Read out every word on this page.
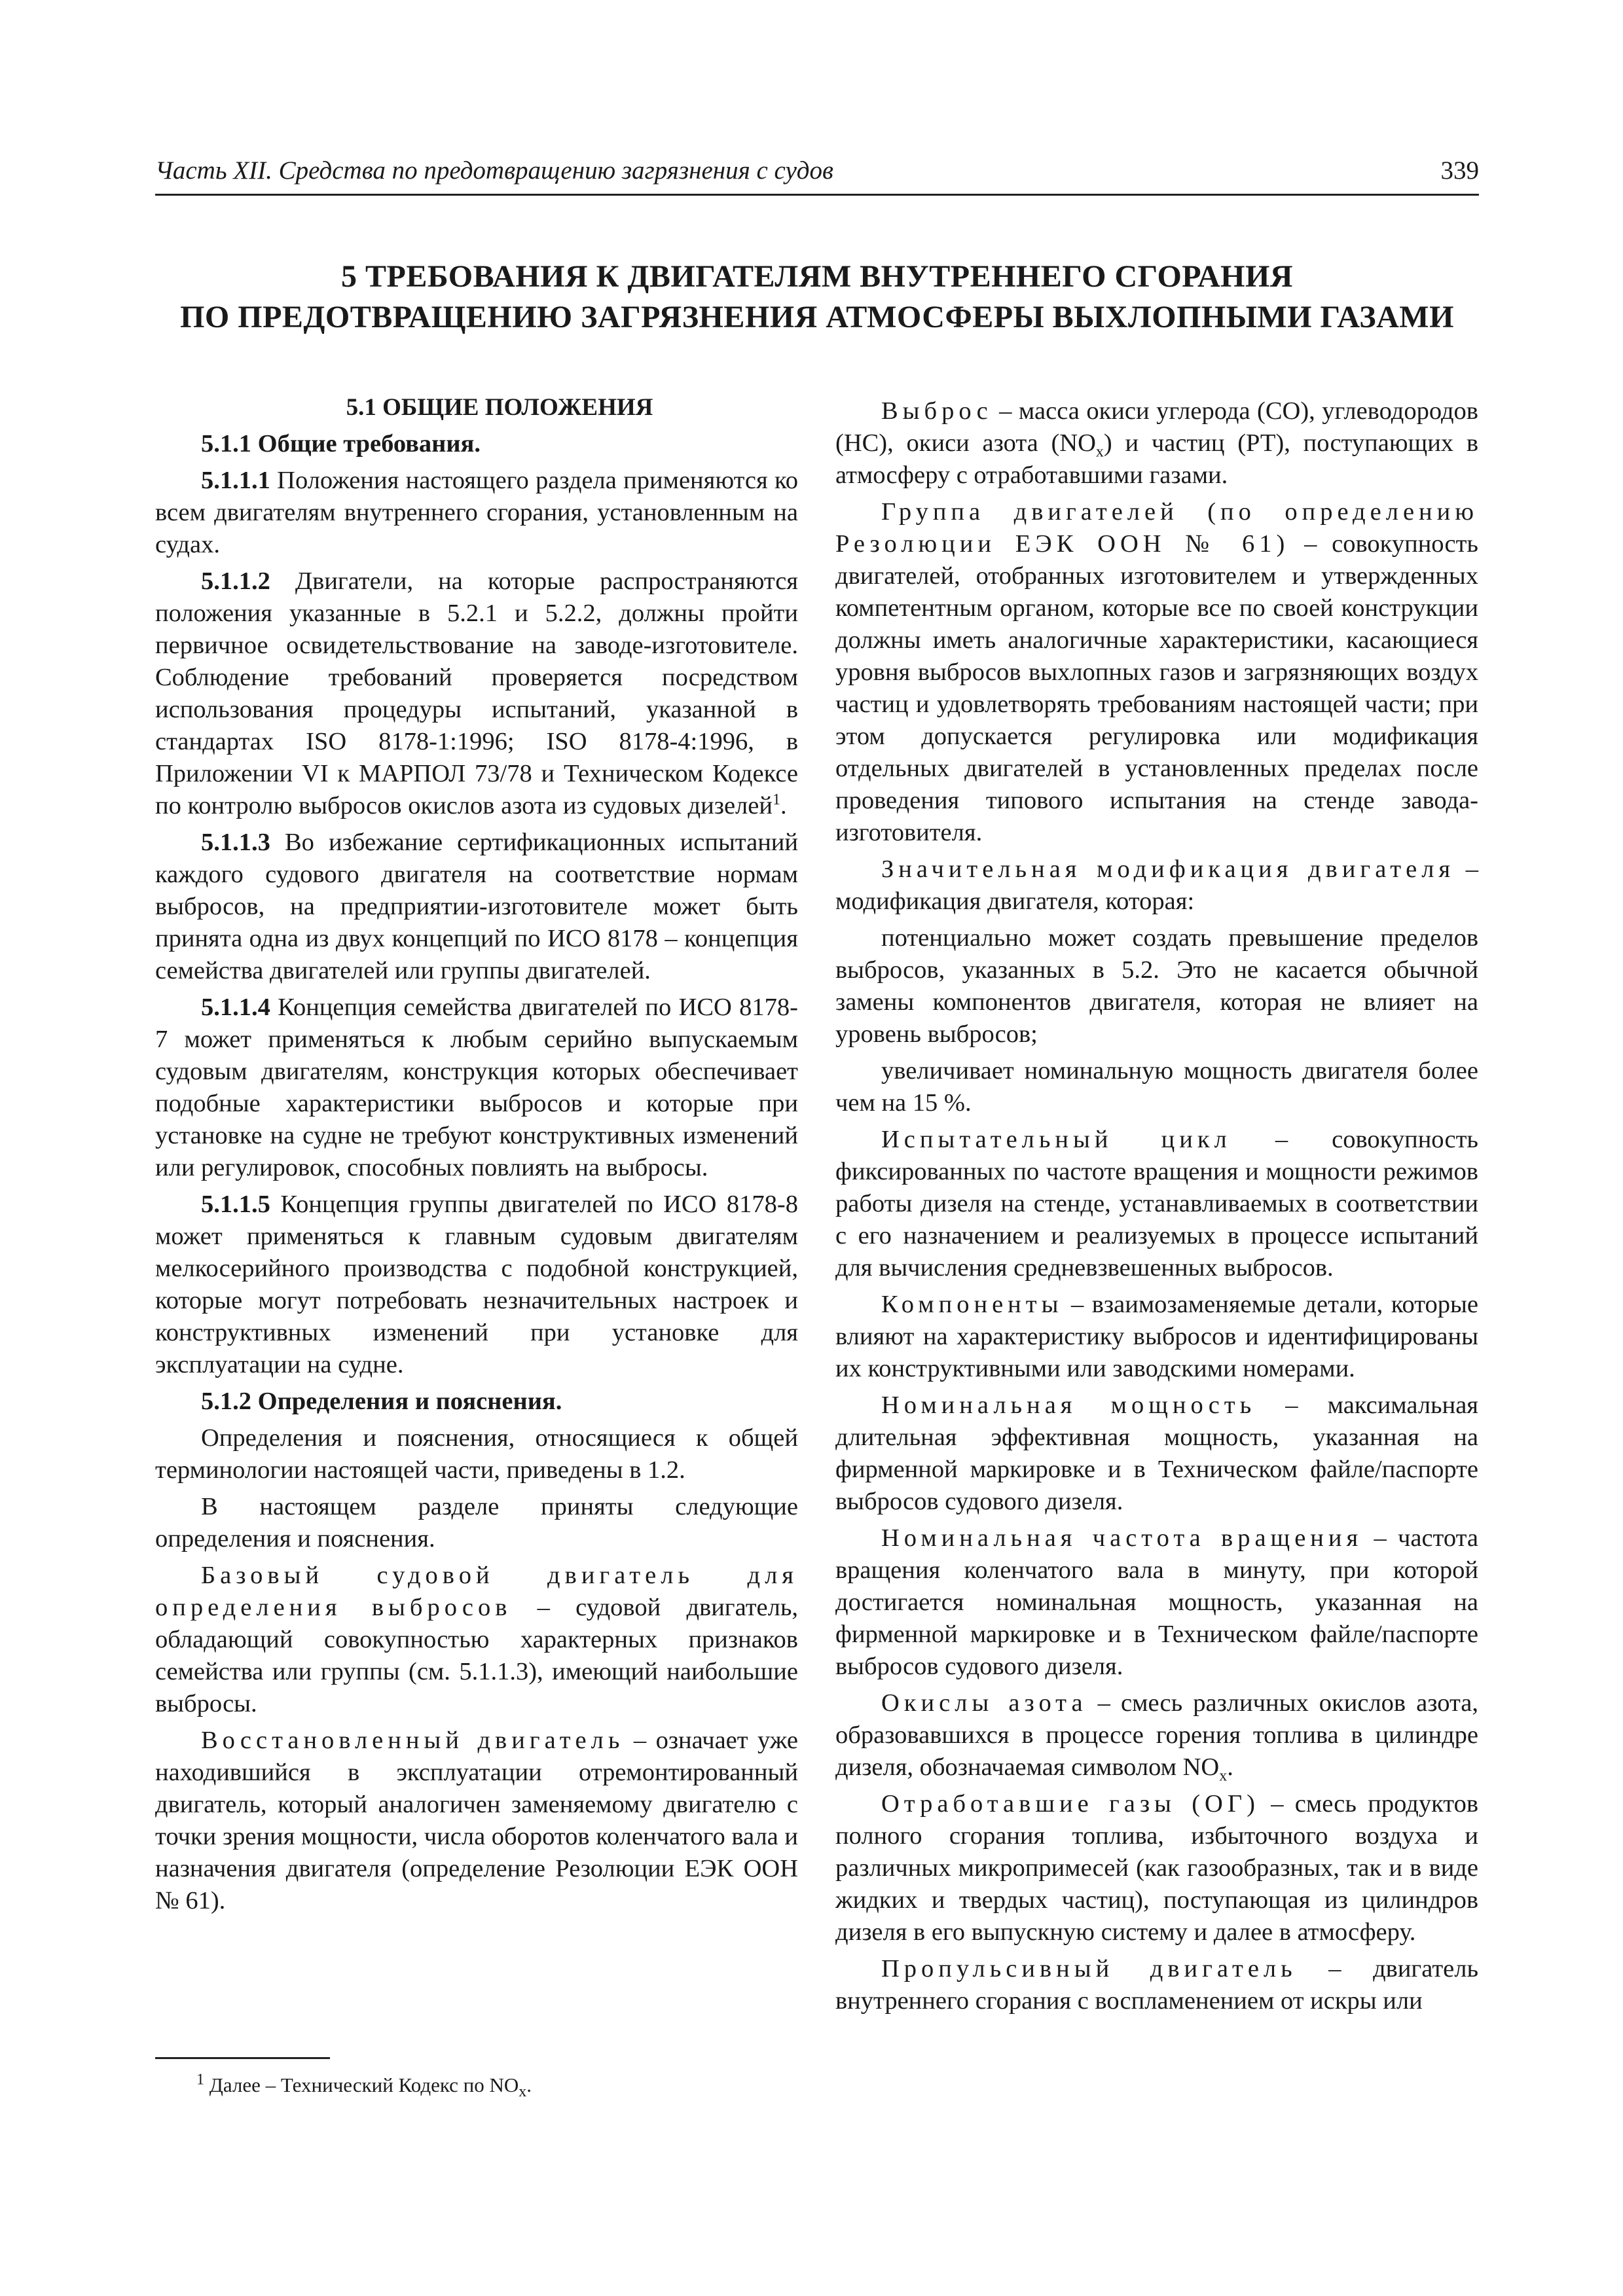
Часть XII. Средства по предотвращению загрязнения с судов	339
5 ТРЕБОВАНИЯ К ДВИГАТЕЛЯМ ВНУТРЕННЕГО СГОРАНИЯ
ПО ПРЕДОТВРАЩЕНИЮ ЗАГРЯЗНЕНИЯ АТМОСФЕРЫ ВЫХЛОПНЫМИ ГАЗАМИ

5.1 ОБЩИЕ ПОЛОЖЕНИЯ

5.1.1 Общие требования.

5.1.1.1 Положения настоящего раздела применяются ко всем двигателям внутреннего сгорания, установленным на судах.

5.1.1.2 Двигатели, на которые распространяются положения указанные в 5.2.1 и 5.2.2, должны пройти первичное освидетельствование на заводе-изготовителе. Соблюдение требований проверяется посредством использования процедуры испытаний, указанной в стандартах ISO 8178-1:1996; ISO 8178-4:1996, в Приложении VI к МАРПОЛ 73/78 и Техническом Кодексе по контролю выбросов окислов азота из судовых дизелей$^1$.

5.1.1.3 Во избежание сертификационных испытаний каждого судового двигателя на соответствие нормам выбросов, на предприятии-изготовителе может быть принята одна из двух концепций по ИСО 8178 – концепция семейства двигателей или группы двигателей.

5.1.1.4 Концепция семейства двигателей по ИСО 8178-7 может применяться к любым серийно выпускаемым судовым двигателям, конструкция которых обеспечивает подобные характеристики выбросов и которые при установке на судне не требуют конструктивных изменений или регулировок, способных повлиять на выбросы.

5.1.1.5 Концепция группы двигателей по ИСО 8178-8 может применяться к главным судовым двигателям мелкосерийного производства с подобной конструкцией, которые могут потребовать незначительных настроек и конструктивных изменений при установке для эксплуатации на судне.

5.1.2 Определения и пояснения.

Определения и пояснения, относящиеся к общей терминологии настоящей части, приведены в 1.2.

В настоящем разделе приняты следующие определения и пояснения.

Базовый судовой двигатель для определения выбросов – судовой двигатель, обладающий совокупностью характерных признаков семейства или группы (см. 5.1.1.3), имеющий наибольшие выбросы.

Восстановленный двигатель – означает уже находившийся в эксплуатации отремонтированный двигатель, который аналогичен заменяемому двигателю с точки зрения мощности, числа оборотов коленчатого вала и назначения двигателя (определение Резолюции ЕЭК ООН № 61).

$^1$ Далее – Технический Кодекс по $NO_x$.

Выброс – масса окиси углерода (СО), углеводородов (НС), окиси азота $(NO_x)$ и частиц (РТ), поступающих в атмосферу с отработавшими газами.

Группа двигателей (по определению Резолюции ЕЭК ООН № 61) – совокупность двигателей, отобранных изготовителем и утвержденных компетентным органом, которые все по своей конструкции должны иметь аналогичные характеристики, касающиеся уровня выбросов выхлопных газов и загрязняющих воздух частиц и удовлетворять требованиям настоящей части; при этом допускается регулировка или модификация отдельных двигателей в установленных пределах после проведения типового испытания на стенде завода-изготовителя.

Значительная модификация двигателя – модификация двигателя, которая:

потенциально может создать превышение пределов выбросов, указанных в 5.2. Это не касается обычной замены компонентов двигателя, которая не влияет на уровень выбросов;

увеличивает номинальную мощность двигателя более чем на 15 %.

Испытательный цикл – совокупность фиксированных по частоте вращения и мощности режимов работы дизеля на стенде, устанавливаемых в соответствии с его назначением и реализуемых в процессе испытаний для вычисления средневзвешенных выбросов.

Компоненты – взаимозаменяемые детали, которые влияют на характеристику выбросов и идентифицированы их конструктивными или заводскими номерами.

Номинальная мощность – максимальная длительная эффективная мощность, указанная на фирменной маркировке и в Техническом файле/паспорте выбросов судового дизеля.

Номинальная частота вращения – частота вращения коленчатого вала в минуту, при которой достигается номинальная мощность, указанная на фирменной маркировке и в Техническом файле/паспорте выбросов судового дизеля.

Окислы азота – смесь различных окислов азота, образовавшихся в процессе горения топлива в цилиндре дизеля, обозначаемая символом $NO_x$.

Отработавшие газы (ОГ) – смесь продуктов полного сгорания топлива, избыточного воздуха и различных микропримесей (как газообразных, так и в виде жидких и твердых частиц), поступающая из цилиндров дизеля в его выпускную систему и далее в атмосферу.

Пропульсивный двигатель – двигатель внутреннего сгорания с воспламенением от искры или
